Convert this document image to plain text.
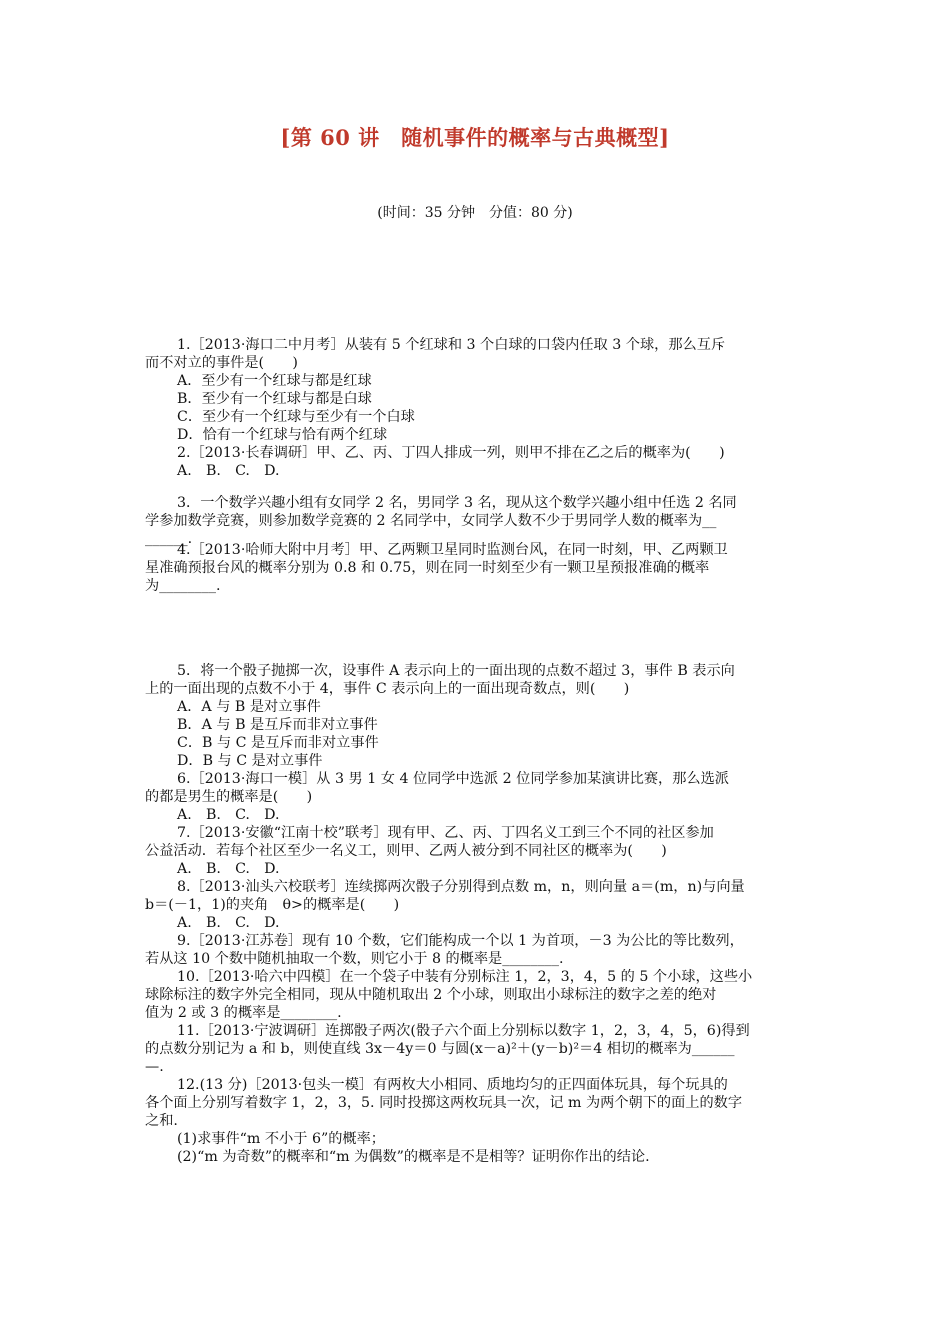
[第 60 讲　随机事件的概率与古典概型]
(时间：35 分钟　分值：80 分)
1.［2013·海口二中月考］从装有 5 个红球和 3 个白球的口袋内任取 3 个球，那么互斥
而不对立的事件是(　　)
A．至少有一个红球与都是红球
B．至少有一个红球与都是白球
C．至少有一个红球与至少有一个白球
D．恰有一个红球与恰有两个红球
2.［2013·长春调研］甲、乙、丙、丁四人排成一列，则甲不排在乙之后的概率为(　　)
A.　B.　C.　D.
3．一个数学兴趣小组有女同学 2 名，男同学 3 名，现从这个数学兴趣小组中任选 2 名同
学参加数学竞赛，则参加数学竞赛的 2 名同学中，女同学人数不少于男同学人数的概率为__
______.
4.［2013·哈师大附中月考］甲、乙两颗卫星同时监测台风，在同一时刻，甲、乙两颗卫
星准确预报台风的概率分别为 0.8 和 0.75，则在同一时刻至少有一颗卫星预报准确的概率
为________.
5．将一个骰子抛掷一次，设事件 A 表示向上的一面出现的点数不超过 3，事件 B 表示向
上的一面出现的点数不小于 4，事件 C 表示向上的一面出现奇数点，则(　　)
A．A 与 B 是对立事件
B．A 与 B 是互斥而非对立事件
C．B 与 C 是互斥而非对立事件
D．B 与 C 是对立事件
6.［2013·海口一模］从 3 男 1 女 4 位同学中选派 2 位同学参加某演讲比赛，那么选派
的都是男生的概率是(　　)
A.　B.　C.　D.
7.［2013·安徽“江南十校”联考］现有甲、乙、丙、丁四名义工到三个不同的社区参加
公益活动．若每个社区至少一名义工，则甲、乙两人被分到不同社区的概率为(　　)
A.　B.　C.　D.
8.［2013·汕头六校联考］连续掷两次骰子分别得到点数 m，n，则向量 a＝(m，n)与向量
b＝(－1，1)的夹角　θ>的概率是(　　)
A.　B.　C.　D.
9.［2013·江苏卷］现有 10 个数，它们能构成一个以 1 为首项，－3 为公比的等比数列，
若从这 10 个数中随机抽取一个数，则它小于 8 的概率是________.
10.［2013·哈六中四模］在一个袋子中装有分别标注 1，2，3，4，5 的 5 个小球，这些小
球除标注的数字外完全相同，现从中随机取出 2 个小球，则取出小球标注的数字之差的绝对
值为 2 或 3 的概率是________.
11.［2013·宁波调研］连掷骰子两次(骰子六个面上分别标以数字 1，2，3，4，5，6)得到
的点数分别记为 a 和 b，则使直线 3x－4y＝0 与圆(x－a)²＋(y－b)²＝4 相切的概率为______
—.
12.(13 分)［2013·包头一模］有两枚大小相同、质地均匀的正四面体玩具，每个玩具的
各个面上分别写着数字 1，2，3，5. 同时投掷这两枚玩具一次，记 m 为两个朝下的面上的数字
之和.
(1)求事件“m 不小于 6”的概率；
(2)“m 为奇数”的概率和“m 为偶数”的概率是不是相等？证明你作出的结论.
